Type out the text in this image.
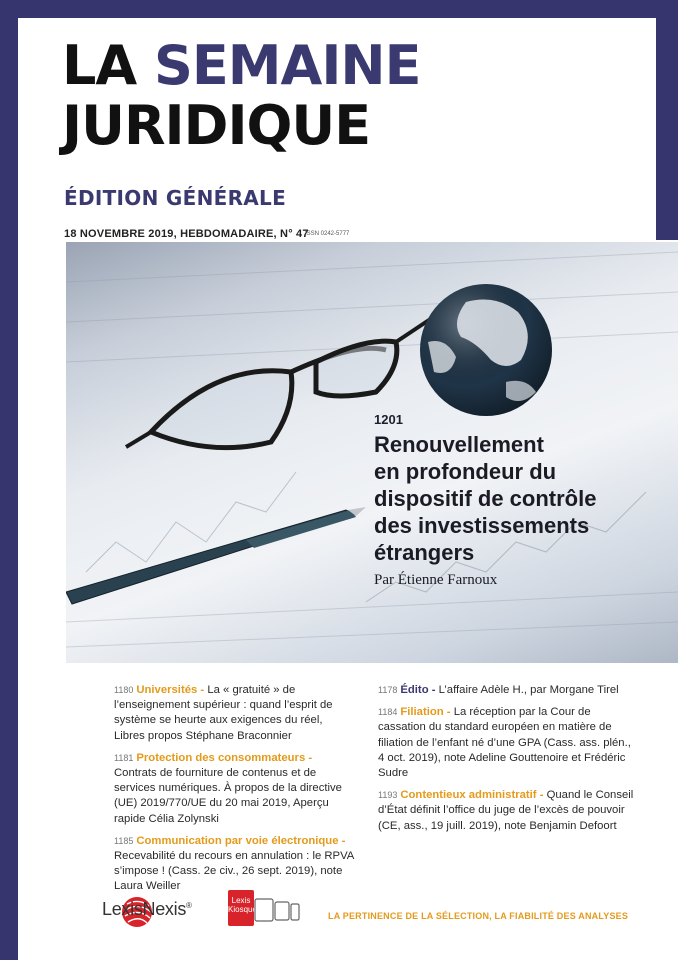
LA SEMAINE
JURIDIQUE
ÉDITION GÉNÉRALE
18 NOVEMBRE 2019, HEBDOMADAIRE, N° 47
ISSN 0242-5777
1201
Renouvellement
en profondeur du
dispositif de contrôle
des investissements
étrangers
Par Étienne Farnoux
1180 Universités - La « gratuité » de l’enseignement supérieur : quand l’esprit de système se heurte aux exigences du réel, Libres propos Stéphane Braconnier
1181 Protection des consommateurs - Contrats de fourniture de contenus et de services numériques. À propos de la directive (UE) 2019/770/UE du 20 mai 2019, Aperçu rapide Célia Zolynski
1185 Communication par voie électronique - Recevabilité du recours en annulation : le RPVA s’impose ! (Cass. 2e civ., 26 sept. 2019), note Laura Weiller
1178 Édito - L’affaire Adèle H., par Morgane Tirel
1184 Filiation - La réception par la Cour de cassation du standard européen en matière de filiation de l’enfant né d’une GPA (Cass. ass. plén., 4 oct. 2019), note Adeline Gouttenoire et Frédéric Sudre
1193 Contentieux administratif - Quand le Conseil d’État définit l’office du juge de l’excès de pouvoir (CE, ass., 19 juill. 2019), note Benjamin Defoort
LexisNexis®
Lexis
Kiosque
LA PERTINENCE DE LA SÉLECTION, LA FIABILITÉ DES ANALYSES
